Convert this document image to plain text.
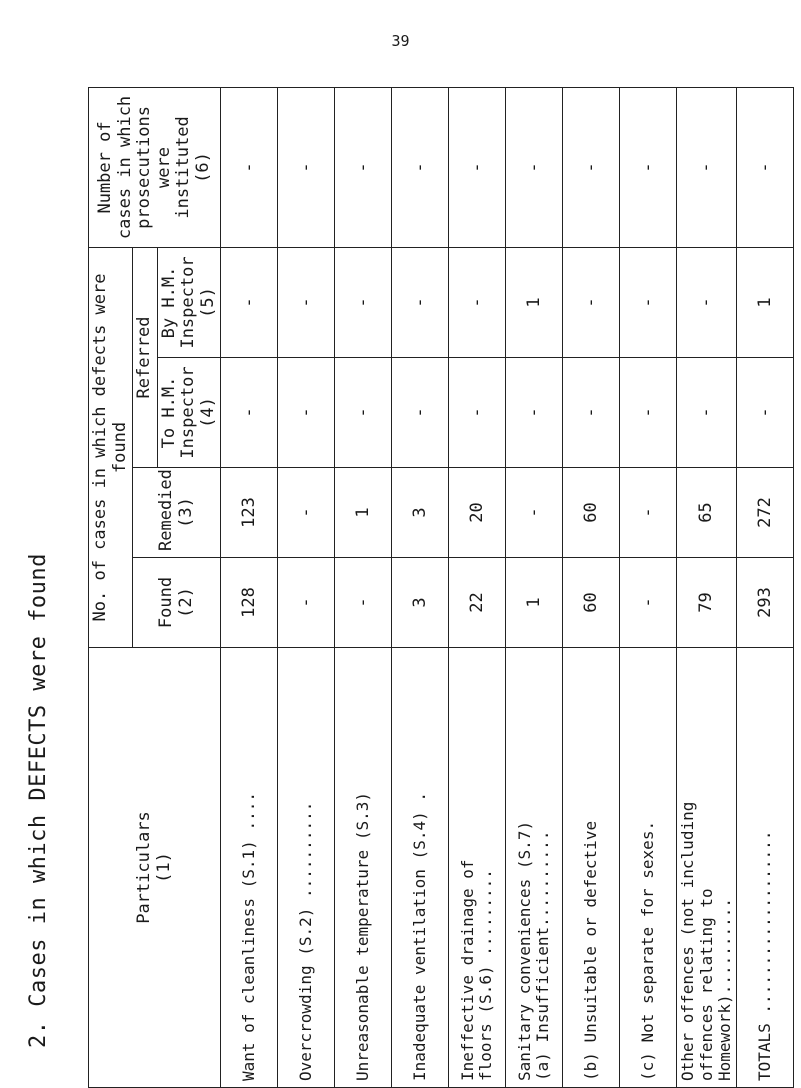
39
2. Cases in which DEFECTS were found	Particulars (1)	No. of cases in which defects were found				Number of cases in which prosecutions were instituted (6)

	Found (2)	Remedied (3)	Referred		

			To H.M. Inspector (4)	By H.M. Inspector (5)	

Want of cleanliness (S.1) ....	128	123	-	-	-
Overcrowding (S.2) ..........	-	-	-	-	-
Unreasonable temperature (S.3)	-	1	-	-	-
Inadequate ventilation (S.4) .	3	3	-	-	-
Ineffective drainage of
floors (S.6) .........	22	20	-	-	-
Sanitary conveniences (S.7)
(a) Insufficient..........	1	-	-	1	-
(b) Unsuitable or defective	60	60	-	-	-
(c) Not separate for sexes.	-	-	-	-	-
Other offences (not including
offences relating to
Homework)..........	79	65	-	-	-
TOTALS ...................	293	272	-	1	-
